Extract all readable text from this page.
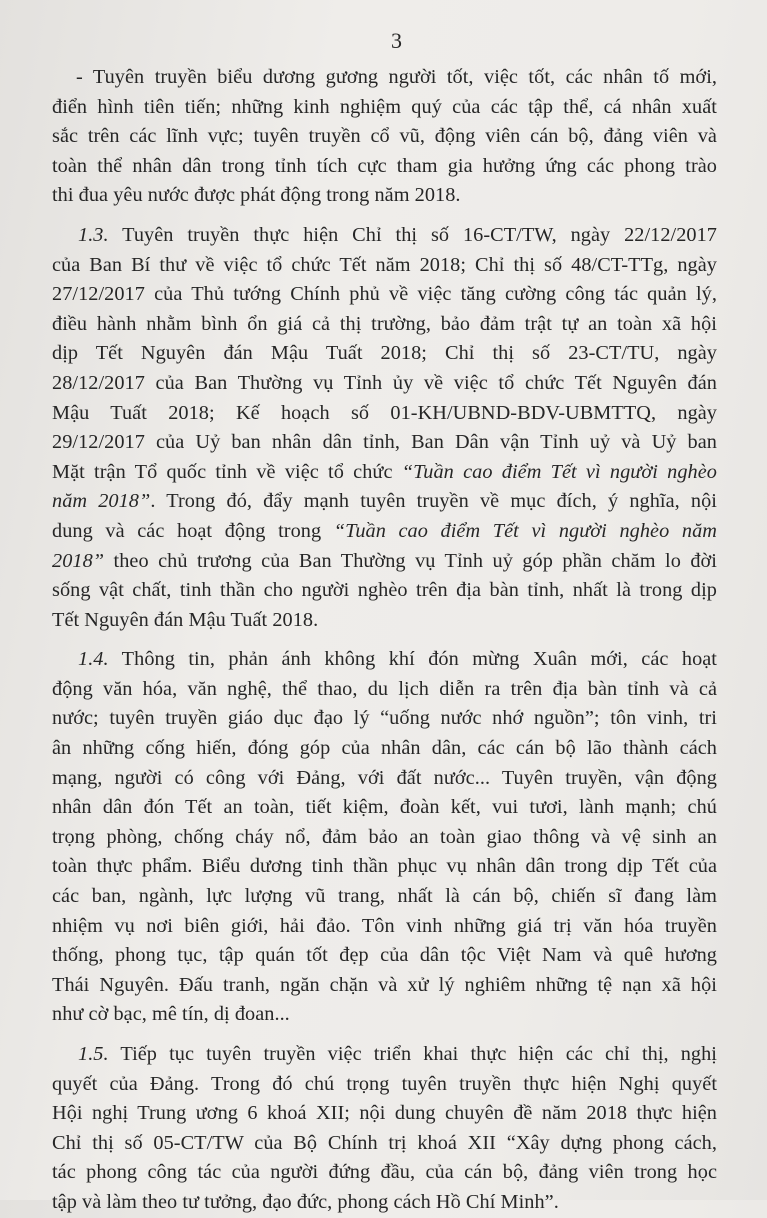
3
- Tuyên truyền biểu dương gương người tốt, việc tốt, các nhân tố mới,
điển hình tiên tiến; những kinh nghiệm quý của các tập thể, cá nhân xuất
sắc trên các lĩnh vực; tuyên truyền cổ vũ, động viên cán bộ, đảng viên và
toàn thể nhân dân trong tỉnh tích cực tham gia hưởng ứng các phong trào
thi đua yêu nước được phát động trong năm 2018.
1.3. Tuyên truyền thực hiện Chỉ thị số 16-CT/TW, ngày 22/12/2017
của Ban Bí thư về việc tổ chức Tết năm 2018; Chỉ thị số 48/CT-TTg, ngày
27/12/2017 của Thủ tướng Chính phủ về việc tăng cường công tác quản lý,
điều hành nhằm bình ổn giá cả thị trường, bảo đảm trật tự an toàn xã hội
dịp Tết Nguyên đán Mậu Tuất 2018; Chỉ thị số 23-CT/TU, ngày
28/12/2017 của Ban Thường vụ Tỉnh ủy về việc tổ chức Tết Nguyên đán
Mậu Tuất 2018; Kế hoạch số 01-KH/UBND-BDV-UBMTTQ, ngày
29/12/2017 của Uỷ ban nhân dân tỉnh, Ban Dân vận Tỉnh uỷ và Uỷ ban
Mặt trận Tổ quốc tỉnh về việc tổ chức “Tuần cao điểm Tết vì người nghèo
năm 2018”. Trong đó, đẩy mạnh tuyên truyền về mục đích, ý nghĩa, nội
dung và các hoạt động trong “Tuần cao điểm Tết vì người nghèo năm
2018” theo chủ trương của Ban Thường vụ Tỉnh uỷ góp phần chăm lo đời
sống vật chất, tinh thần cho người nghèo trên địa bàn tỉnh, nhất là trong dịp
Tết Nguyên đán Mậu Tuất 2018.
1.4. Thông tin, phản ánh không khí đón mừng Xuân mới, các hoạt
động văn hóa, văn nghệ, thể thao, du lịch diễn ra trên địa bàn tỉnh và cả
nước; tuyên truyền giáo dục đạo lý “uống nước nhớ nguồn”; tôn vinh, tri
ân những cống hiến, đóng góp của nhân dân, các cán bộ lão thành cách
mạng, người có công với Đảng, với đất nước... Tuyên truyền, vận động
nhân dân đón Tết an toàn, tiết kiệm, đoàn kết, vui tươi, lành mạnh; chú
trọng phòng, chống cháy nổ, đảm bảo an toàn giao thông và vệ sinh an
toàn thực phẩm. Biểu dương tinh thần phục vụ nhân dân trong dịp Tết của
các ban, ngành, lực lượng vũ trang, nhất là cán bộ, chiến sĩ đang làm
nhiệm vụ nơi biên giới, hải đảo. Tôn vinh những giá trị văn hóa truyền
thống, phong tục, tập quán tốt đẹp của dân tộc Việt Nam và quê hương
Thái Nguyên. Đấu tranh, ngăn chặn và xử lý nghiêm những tệ nạn xã hội
như cờ bạc, mê tín, dị đoan...
1.5. Tiếp tục tuyên truyền việc triển khai thực hiện các chỉ thị, nghị
quyết của Đảng. Trong đó chú trọng tuyên truyền thực hiện Nghị quyết
Hội nghị Trung ương 6 khoá XII; nội dung chuyên đề năm 2018 thực hiện
Chỉ thị số 05-CT/TW của Bộ Chính trị khoá XII “Xây dựng phong cách,
tác phong công tác của người đứng đầu, của cán bộ, đảng viên trong học
tập và làm theo tư tưởng, đạo đức, phong cách Hồ Chí Minh”.
